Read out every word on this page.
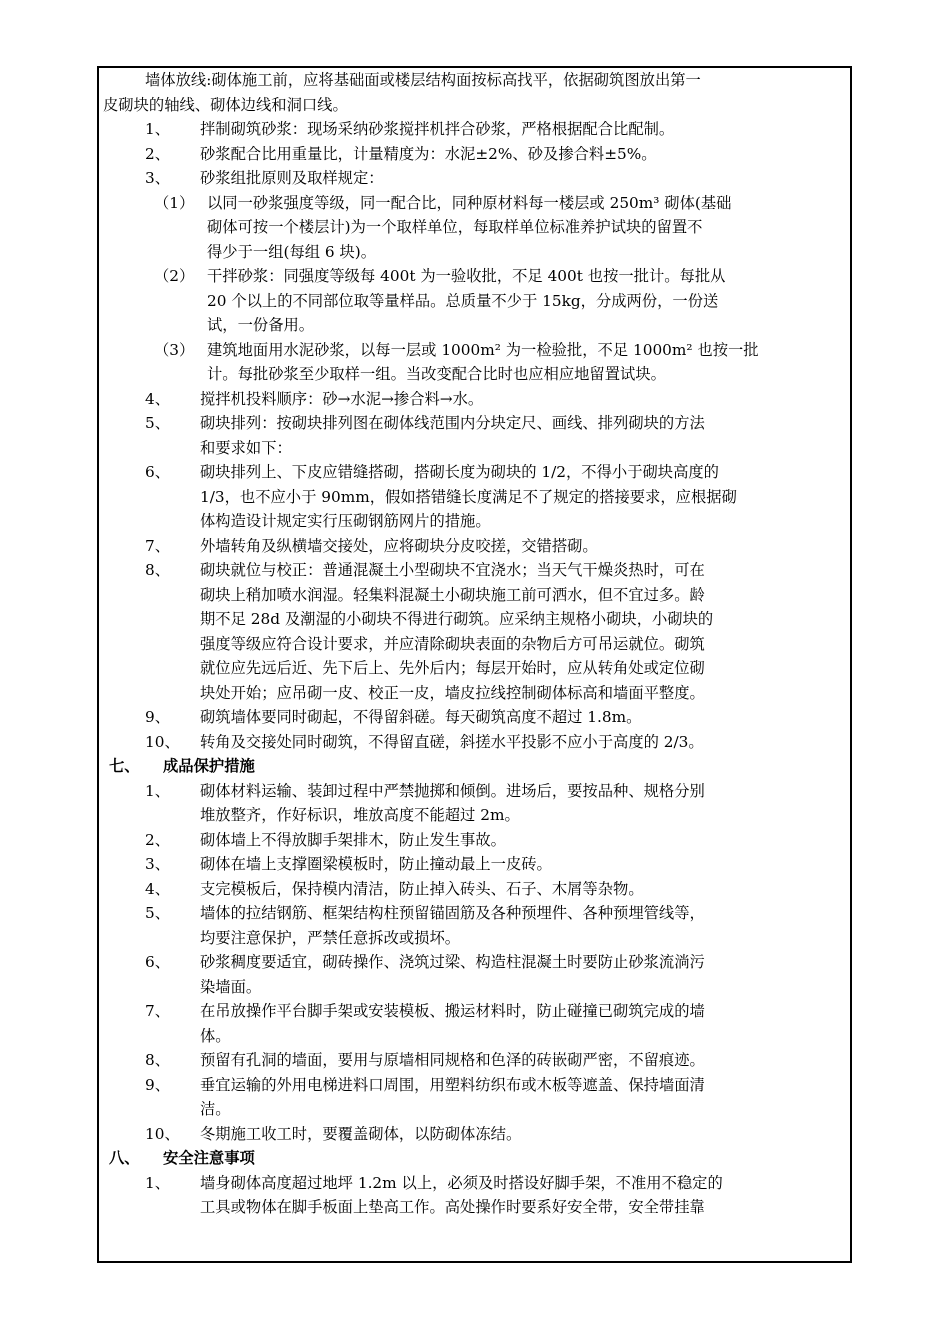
墙体放线:砌体施工前，应将基础面或楼层结构面按标高找平，依据砌筑图放出第一
皮砌块的轴线、砌体边线和洞口线。
1、 拌制砌筑砂浆：现场采纳砂浆搅拌机拌合砂浆，严格根据配合比配制。
2、 砂浆配合比用重量比，计量精度为：水泥±2%、砂及掺合料±5%。
3、 砂浆组批原则及取样规定：
（1） 以同一砂浆强度等级，同一配合比，同种原材料每一楼层或 250m³ 砌体(基础
砌体可按一个楼层计)为一个取样单位，每取样单位标准养护试块的留置不
得少于一组(每组 6 块)。
（2） 干拌砂浆：同强度等级每 400t 为一验收批，不足 400t 也按一批计。每批从
20 个以上的不同部位取等量样品。总质量不少于 15kg，分成两份，一份送
试，一份备用。
（3） 建筑地面用水泥砂浆，以每一层或 1000m² 为一检验批，不足 1000m² 也按一批
计。每批砂浆至少取样一组。当改变配合比时也应相应地留置试块。
4、 搅拌机投料顺序：砂→水泥→掺合料→水。
5、 砌块排列：按砌块排列图在砌体线范围内分块定尺、画线、排列砌块的方法
和要求如下：
6、 砌块排列上、下皮应错缝搭砌，搭砌长度为砌块的 1/2，不得小于砌块高度的
1/3，也不应小于 90mm，假如搭错缝长度满足不了规定的搭接要求，应根据砌
体构造设计规定实行压砌钢筋网片的措施。
7、 外墙转角及纵横墙交接处，应将砌块分皮咬搓，交错搭砌。
8、 砌块就位与校正：普通混凝土小型砌块不宜浇水；当天气干燥炎热时，可在
砌块上稍加喷水润湿。轻集料混凝土小砌块施工前可洒水，但不宜过多。龄
期不足 28d 及潮湿的小砌块不得进行砌筑。应采纳主规格小砌块，小砌块的
强度等级应符合设计要求，并应清除砌块表面的杂物后方可吊运就位。砌筑
就位应先远后近、先下后上、先外后内；每层开始时，应从转角处或定位砌
块处开始；应吊砌一皮、校正一皮，墙皮拉线控制砌体标高和墙面平整度。
9、 砌筑墙体要同时砌起，不得留斜磋。每天砌筑高度不超过 1.8m。
10、 转角及交接处同时砌筑，不得留直磋，斜搓水平投影不应小于高度的 2/3。
七、 成品保护措施
1、 砌体材料运输、装卸过程中严禁抛掷和倾倒。进场后，要按品种、规格分别
堆放整齐，作好标识，堆放高度不能超过 2m。
2、 砌体墙上不得放脚手架排木，防止发生事故。
3、 砌体在墙上支撑圈梁模板时，防止撞动最上一皮砖。
4、 支完模板后，保持模内清洁，防止掉入砖头、石子、木屑等杂物。
5、 墙体的拉结钢筋、框架结构柱预留锚固筋及各种预埋件、各种预埋管线等，
均要注意保护，严禁任意拆改或损坏。
6、 砂浆稠度要适宜，砌砖操作、浇筑过梁、构造柱混凝土时要防止砂浆流淌污
染墙面。
7、 在吊放操作平台脚手架或安装模板、搬运材料时，防止碰撞已砌筑完成的墙
体。
8、 预留有孔洞的墙面，要用与原墙相同规格和色泽的砖嵌砌严密，不留痕迹。
9、 垂宜运输的外用电梯进料口周围，用塑料纺织布或木板等遮盖、保持墙面清
洁。
10、 冬期施工收工时，要覆盖砌体，以防砌体冻结。
八、 安全注意事项
1、 墙身砌体高度超过地坪 1.2m 以上，必须及时搭设好脚手架，不准用不稳定的
工具或物体在脚手板面上垫高工作。高处操作时要系好安全带，安全带挂靠
